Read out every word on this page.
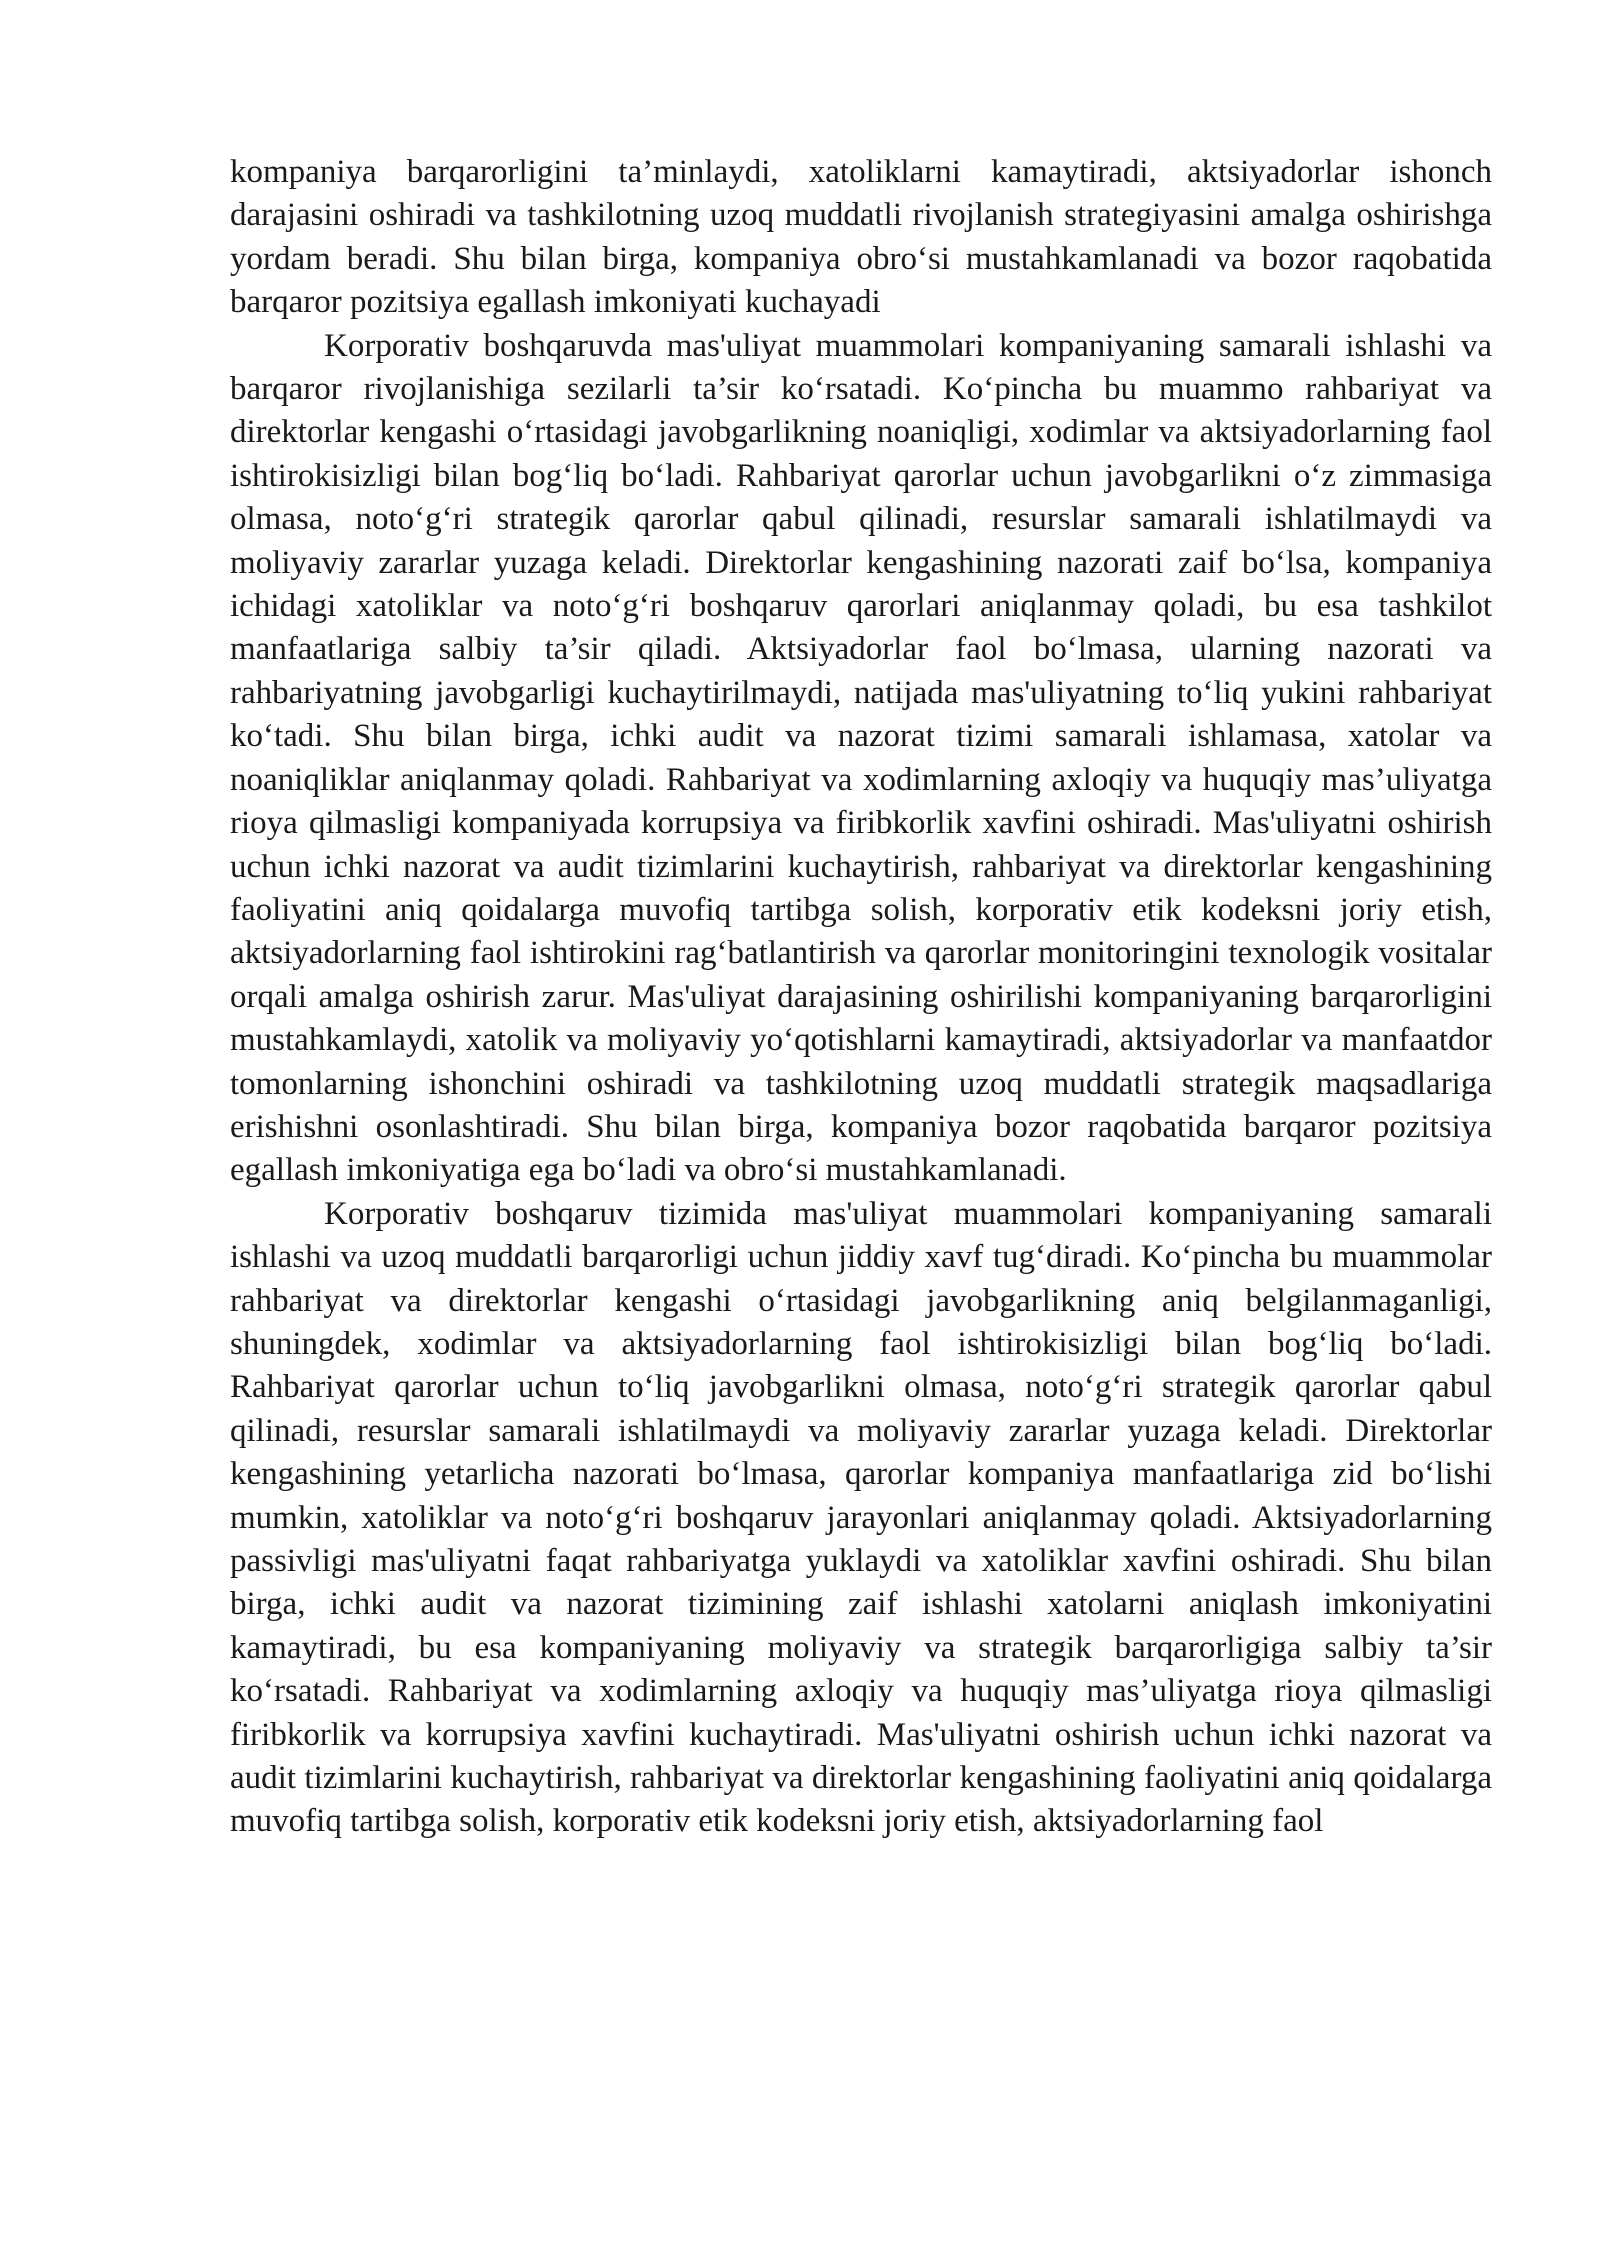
kompaniya barqarorligini ta’minlaydi, xatoliklarni kamaytiradi, aktsiyadorlar ishonch darajasini oshiradi va tashkilotning uzoq muddatli rivojlanish strategiyasini amalga oshirishga yordam beradi. Shu bilan birga, kompaniya obro‘si mustahkamlanadi va bozor raqobatida barqaror pozitsiya egallash imkoniyati kuchayadi

Korporativ boshqaruvda mas'uliyat muammolari kompaniyaning samarali ishlashi va barqaror rivojlanishiga sezilarli ta’sir ko‘rsatadi. Ko‘pincha bu muammo rahbariyat va direktorlar kengashi o‘rtasidagi javobgarlikning noaniqligi, xodimlar va aktsiyadorlarning faol ishtirokisizligi bilan bog‘liq bo‘ladi. Rahbariyat qarorlar uchun javobgarlikni o‘z zimmasiga olmasa, noto‘g‘ri strategik qarorlar qabul qilinadi, resurslar samarali ishlatilmaydi va moliyaviy zararlar yuzaga keladi. Direktorlar kengashining nazorati zaif bo‘lsa, kompaniya ichidagi xatoliklar va noto‘g‘ri boshqaruv qarorlari aniqlanmay qoladi, bu esa tashkilot manfaatlariga salbiy ta’sir qiladi. Aktsiyadorlar faol bo‘lmasa, ularning nazorati va rahbariyatning javobgarligi kuchaytirilmaydi, natijada mas'uliyatning to‘liq yukini rahbariyat ko‘tadi. Shu bilan birga, ichki audit va nazorat tizimi samarali ishlamasa, xatolar va noaniqliklar aniqlanmay qoladi. Rahbariyat va xodimlarning axloqiy va huquqiy mas’uliyatga rioya qilmasligi kompaniyada korrupsiya va firibkorlik xavfini oshiradi. Mas'uliyatni oshirish uchun ichki nazorat va audit tizimlarini kuchaytirish, rahbariyat va direktorlar kengashining faoliyatini aniq qoidalarga muvofiq tartibga solish, korporativ etik kodeksni joriy etish, aktsiyadorlarning faol ishtirokini rag‘batlantirish va qarorlar monitoringini texnologik vositalar orqali amalga oshirish zarur. Mas'uliyat darajasining oshirilishi kompaniyaning barqarorligini mustahkamlaydi, xatolik va moliyaviy yo‘qotishlarni kamaytiradi, aktsiyadorlar va manfaatdor tomonlarning ishonchini oshiradi va tashkilotning uzoq muddatli strategik maqsadlariga erishishni osonlashtiradi. Shu bilan birga, kompaniya bozor raqobatida barqaror pozitsiya egallash imkoniyatiga ega bo‘ladi va obro‘si mustahkamlanadi.

Korporativ boshqaruv tizimida mas'uliyat muammolari kompaniyaning samarali ishlashi va uzoq muddatli barqarorligi uchun jiddiy xavf tug‘diradi. Ko‘pincha bu muammolar rahbariyat va direktorlar kengashi o‘rtasidagi javobgarlikning aniq belgilanmaganligi, shuningdek, xodimlar va aktsiyadorlarning faol ishtirokisizligi bilan bog‘liq bo‘ladi. Rahbariyat qarorlar uchun to‘liq javobgarlikni olmasa, noto‘g‘ri strategik qarorlar qabul qilinadi, resurslar samarali ishlatilmaydi va moliyaviy zararlar yuzaga keladi. Direktorlar kengashining yetarlicha nazorati bo‘lmasa, qarorlar kompaniya manfaatlariga zid bo‘lishi mumkin, xatoliklar va noto‘g‘ri boshqaruv jarayonlari aniqlanmay qoladi. Aktsiyadorlarning passivligi mas'uliyatni faqat rahbariyatga yuklaydi va xatoliklar xavfini oshiradi. Shu bilan birga, ichki audit va nazorat tizimining zaif ishlashi xatolarni aniqlash imkoniyatini kamaytiradi, bu esa kompaniyaning moliyaviy va strategik barqarorligiga salbiy ta’sir ko‘rsatadi. Rahbariyat va xodimlarning axloqiy va huquqiy mas’uliyatga rioya qilmasligi firibkorlik va korrupsiya xavfini kuchaytiradi. Mas'uliyatni oshirish uchun ichki nazorat va audit tizimlarini kuchaytirish, rahbariyat va direktorlar kengashining faoliyatini aniq qoidalarga muvofiq tartibga solish, korporativ etik kodeksni joriy etish, aktsiyadorlarning faol
